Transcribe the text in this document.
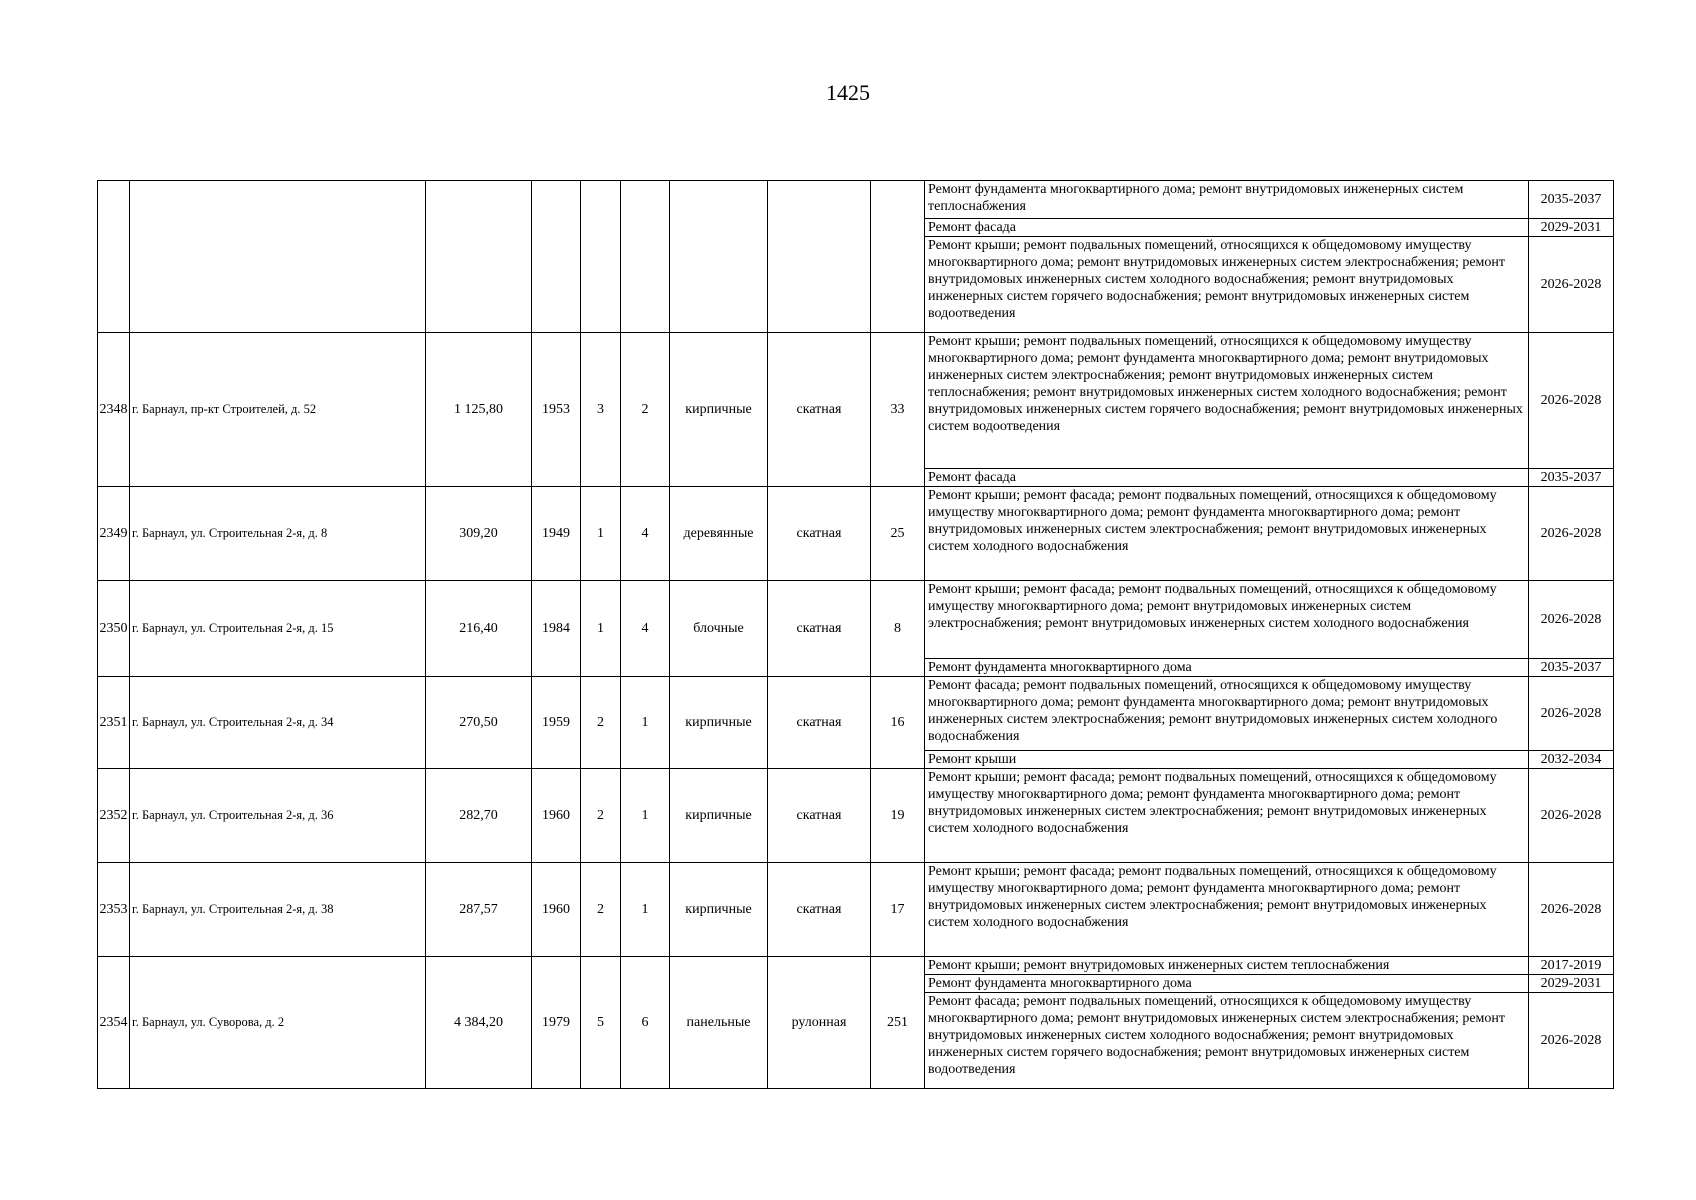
1425
									Ремонт фундамента многоквартирного дома; ремонт внутридомовых инженерных систем теплоснабжения	2035-2037
									Ремонт фасада	2029-2031
									Ремонт крыши; ремонт подвальных помещений, относящихся к общедомовому имуществу многоквартирного дома; ремонт внутридомовых инженерных систем электроснабжения; ремонт внутридомовых инженерных систем холодного водоснабжения; ремонт внутридомовых инженерных систем горячего водоснабжения; ремонт внутридомовых инженерных систем водоотведения	2026-2028
2348	г. Барнаул, пр-кт Строителей, д. 52	1 125,80	1953	3	2	кирпичные	скатная	33	Ремонт крыши; ремонт подвальных помещений, относящихся к общедомовому имуществу многоквартирного дома; ремонт фундамента многоквартирного дома; ремонт внутридомовых инженерных систем электроснабжения; ремонт внутридомовых инженерных систем теплоснабжения; ремонт внутридомовых инженерных систем холодного водоснабжения; ремонт внутридомовых инженерных систем горячего водоснабжения; ремонт внутридомовых инженерных систем водоотведения	2026-2028
									Ремонт фасада	2035-2037
2349	г. Барнаул, ул. Строительная 2-я, д. 8	309,20	1949	1	4	деревянные	скатная	25	Ремонт крыши; ремонт фасада; ремонт подвальных помещений, относящихся к общедомовому имуществу многоквартирного дома; ремонт фундамента многоквартирного дома; ремонт внутридомовых инженерных систем электроснабжения; ремонт внутридомовых инженерных систем холодного водоснабжения	2026-2028
2350	г. Барнаул, ул. Строительная 2-я, д. 15	216,40	1984	1	4	блочные	скатная	8	Ремонт крыши; ремонт фасада; ремонт подвальных помещений, относящихся к общедомовому имуществу многоквартирного дома; ремонт внутридомовых инженерных систем электроснабжения; ремонт внутридомовых инженерных систем холодного водоснабжения	2026-2028
									Ремонт фундамента многоквартирного дома	2035-2037
2351	г. Барнаул, ул. Строительная 2-я, д. 34	270,50	1959	2	1	кирпичные	скатная	16	Ремонт фасада; ремонт подвальных помещений, относящихся к общедомовому имуществу многоквартирного дома; ремонт фундамента многоквартирного дома; ремонт внутридомовых инженерных систем электроснабжения; ремонт внутридомовых инженерных систем холодного водоснабжения	2026-2028
									Ремонт крыши	2032-2034
2352	г. Барнаул, ул. Строительная 2-я, д. 36	282,70	1960	2	1	кирпичные	скатная	19	Ремонт крыши; ремонт фасада; ремонт подвальных помещений, относящихся к общедомовому имуществу многоквартирного дома; ремонт фундамента многоквартирного дома; ремонт внутридомовых инженерных систем электроснабжения; ремонт внутридомовых инженерных систем холодного водоснабжения	2026-2028
2353	г. Барнаул, ул. Строительная 2-я, д. 38	287,57	1960	2	1	кирпичные	скатная	17	Ремонт крыши; ремонт фасада; ремонт подвальных помещений, относящихся к общедомовому имуществу многоквартирного дома; ремонт фундамента многоквартирного дома; ремонт внутридомовых инженерных систем электроснабжения; ремонт внутридомовых инженерных систем холодного водоснабжения	2026-2028
2354	г. Барнаул, ул. Суворова, д. 2	4 384,20	1979	5	6	панельные	рулонная	251	Ремонт крыши; ремонт внутридомовых инженерных систем теплоснабжения	2017-2019
									Ремонт фундамента многоквартирного дома	2029-2031
									Ремонт фасада; ремонт подвальных помещений, относящихся к общедомовому имуществу многоквартирного дома; ремонт внутридомовых инженерных систем электроснабжения; ремонт внутридомовых инженерных систем холодного водоснабжения; ремонт внутридомовых инженерных систем горячего водоснабжения; ремонт внутридомовых инженерных систем водоотведения	2026-2028
